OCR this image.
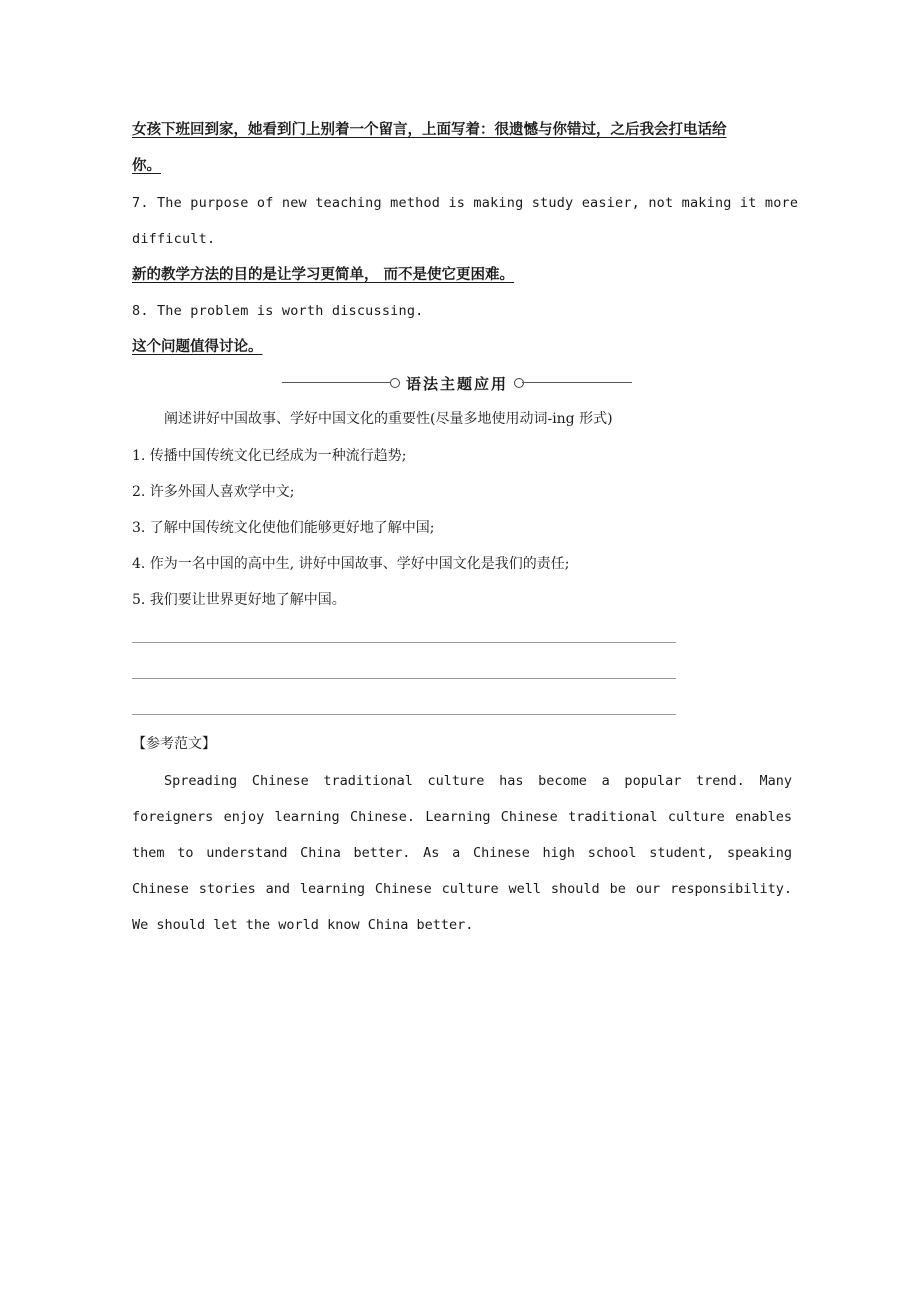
女孩下班回到家，她看到门上别着一个留言，上面写着：很遗憾与你错过，之后我会打电话给
你。
7. The purpose of new teaching method is making study easier, not making it more
difficult.
新的教学方法的目的是让学习更简单， 而不是使它更困难。
8. The problem is worth discussing.
这个问题值得讨论。
语法主题应用
阐述讲好中国故事、学好中国文化的重要性(尽量多地使用动词-ing 形式)
1. 传播中国传统文化已经成为一种流行趋势;
2. 许多外国人喜欢学中文;
3. 了解中国传统文化使他们能够更好地了解中国;
4. 作为一名中国的高中生, 讲好中国故事、学好中国文化是我们的责任;
5. 我们要让世界更好地了解中国。
【参考范文】
Spreading Chinese traditional culture has become a popular trend. Many foreigners enjoy learning Chinese. Learning Chinese traditional culture enables them to understand China better. As a Chinese high school student, speaking Chinese stories and learning Chinese culture well should be our responsibility. We should let the world know China better.
